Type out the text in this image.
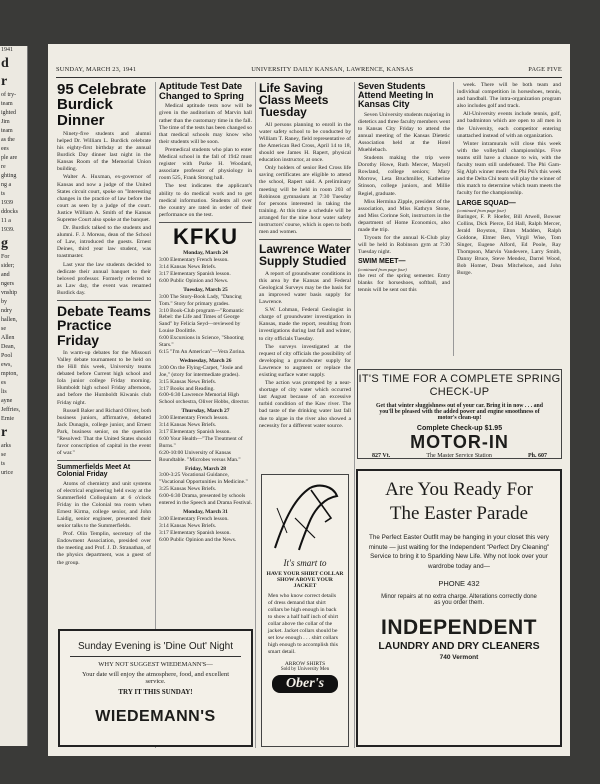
1941
d
r
of try-
team
ighted
Jim
team
as the
ees
ple are
re
ghting
ng a
ts
1939
ddocks
11 a
1939.
g
For
sider;
and
ngers
vnship
by
ndry
hallen,
se
Allen
Dean,
Pool
ews,
mpton,
es
lis
ayne
Jeffries,
Ernie
r
arks
se
ts
urice
SUNDAY, MARCH 23, 1941	UNIVERSITY DAILY KANSAN, LAWRENCE, KANSAS	PAGE FIVE
95 Celebrate Burdick Dinner

Ninety-five students and alumni helped Dr. William L. Burdick celebrate his eighty-first birthday at the annual Burdick Day dinner last night in the Kansas Room of the Memorial Union building.

Walter A. Huxman, ex-governor of Kansas and now a judge of the United States circuit court, spoke on "Interesting changes in the practice of law before the court as seen by a judge of the court. Justice William A. Smith of the Kansas Supreme Court also spoke at the banquet.

Dr. Burdick talked to the students and alumni. F. J. Moreau, dean of the School of Law, introduced the guests. Ernest Deines, third year law student, was toastmaster.

Last year the law students decided to dedicate their annual banquet to their beloved professor. Formerly referred to as Law day, the event was renamed Burdick day.

Debate Teams Practice Friday

In warm-up debates for the Missouri Valley debate tournament to be held on the Hill this week, University teams debated before Current high school and Iola junior college Friday morning. Humboldt high school Friday afternoon, and before the Humboldt Kiwanis club Friday night.

Russell Baker and Richard Oliver, both business juniors, affirmative, debated Jack Dunagin, college junior, and Ernest Park, business senior, on the question "Resolved: That the United States should favor conscription of capital in the event of war."

Summerfields Meet At Colonial Friday

Atoms of chemistry and unit systems of electrical engineering held sway at the Summerfield Colloquium at 6 o'clock Friday in the Colonial tea room when Ernest Kirma, college senior, and John Laidig, senior engineer, presented their senior talks to the Summerfields.

Prof. Olin Templin, secretary of the Endowment Association, presided over the meeting and Prof. J. D. Stranathan, of the physics department, was a guest of the group.

Aptitude Test Date Changed to Spring

Medical aptitude tests now will be given in the auditorium of Marvin hall rather than the customary time in the fall. The time of the tests has been changed so that medical schools may know who their students will be soon.

Premedical students who plan to enter Medical school in the fall of 1942 must register with Parke H. Woodard, associate professor of physiology in room 525, Frank Strong hall.

The test indicates the applicant's ability to do medical work and to get medical information. Students all over the country are rated in order of their performance on the test.

KFKU
Monday, March 24
3:00 Elementary French lesson.
3:14 Kansas News Briefs.
3:17 Elementary Spanish lesson.
6:00 Public Opinion and News.
Tuesday, March 25
3:00 The Story-Book Lady, "Dancing Tom." Story for primary grades.
3:10 Book-Club program—"Romantic Rebel: the Life and Times of George Sand" by Felicia Seyd—reviewed by Louise Doolittle.
6:00 Excursions in Science, "Shooting Stars."
6:15 "I'm An American"—Vera Zorina.
Wednesday, March 26
3:00 On the Flying-Carpet, "Josie and Joe," (story for intermediate grades).
3:15 Kansas News Briefs.
3:17 Books and Reading.
6:00-6:30 Lawrence Memorial High School orchestra, Oliver Hobbs, director.
Thursday, March 27
3:00 Elementary French lesson.
3:14 Kansas News Briefs.
3:17 Elementary Spanish lesson.
6:00 Your Health—"The Treatment of Burns."
6:20-10:00 University of Kansas Roundtable. "Microbes versus Man."
Friday, March 28
3:00-3:25 Vocational Guidance, "Vocational Opportunities in Medicine."
3:25 Kansas News Briefs.
6:00-6:30 Drama, presented by schools entered in the Speech and Drama Festival.
Monday, March 31
3:00 Elementary French lesson.
3:14 Kansas News Briefs.
3:17 Elementary Spanish lesson.
6:00 Public Opinion and the News.
Life Saving Class Meets Tuesday

All persons planning to enroll in the water safety school to be conducted by William T. Raney, field representative of the American Red Cross, April 14 to 18, should see James H. Rapert, physical education instructor, at once.

Only holders of senior Red Cross life saving certificates are eligible to attend the school, Rapert said. A preliminary meeting will be held in room 203 of Robinson gymnasium at 7:30 Tuesday for persons interested in taking the training. At this time a schedule will be arranged for the nine hour water safety instructors' course, which is open to both men and women.

Lawrence Water Supply Studied

A report of groundwater conditions in this area by the Kansas and Federal Geological Surveys may be the basis for an improved water basis supply for Lawrence.

S.W. Lohman, Federal Geologist in charge of groundwater investigation in Kansas, made the report, resulting from investigations during last fall and winter, to city officials Tuesday.

The surveys investigated at the request of city officials the possibility of developing a groundwater supply for Lawrence to augment or replace the existing surface water supply.

The action was prompted by a near-shortage of city water which occurred last August because of an excessive turbid condition of the Kaw river. The bad taste of the drinking water last fall due to algae in the river also showed a necessity for a different water source.

Seven Students Attend Meeting In Kansas City

Seven University students majoring in dietetics and three faculty members went to Kansas City Friday to attend the annual meeting of the Kansas Dietetic Association held at the Hotel Muehlebach.

Students making the trip were Dorothy Howe, Ruth Mercer, Maryell Rowland, college seniors; Mary Morrow, Leta Bruchmiller, Katherine Stinson, college juniors, and Millie Regiel, graduate.

Miss Hermina Zipple, president of the association, and Miss Kathryn Stone, and Miss Corinne Solt, instructors in the department of Home Economics, also made the trip.

Tryouts for the annual K-Club play will be held in Robinson gym at 7:30 Tuesday night.

SWIM MEET—
(continued from page four)
the rest of the spring semester. Entry blanks for horseshoes, softball, and tennis will be sent out this

week. There will be both team and individual competition in horseshoes, tennis, and handball. The intra-organization program also includes golf and track.

All-University events include tennis, golf, and badminton which are open to all men in the University, each competitor entering unattached instead of with an organization.

Winter intramurals will close this week with the volleyball championships. Five teams still have a chance to win, with the faculty team still undefeated. The Phi Gam-Sig Alph winner meets the Phi Psi's this week and the Delta Chi team will play the winner of this match to determine which team meets the faculty for the championship.

LARGE SQUAD—
(continued from page four)
Baringer, F. P. Hoefer, Bill Atwell, Bowser Collins, Dick Pierce, Ed Hall, Ralph Mercer, Jerald Boyston, Elton Madden, Ralph Goldone, Elmer Ben, Virgil Wise, Tom Singer, Eugene Alford, Ed Poole, Ray Thompson, Marvin Vandevere, Larry Smith, Danny Bruce, Steve Mendez, Darrel Wood, Bob Homer, Dean Mitchelson, and John Burge.
Sunday Evening is 'Dine Out' Night
WHY NOT SUGGEST WIEDEMANN'S—
Your date will enjoy the atmosphere, food, and excellent service.
TRY IT THIS SUNDAY!
WIEDEMANN'S
It's smart to
HAVE YOUR SHIRT COLLAR SHOW ABOVE YOUR JACKET
Men who know correct details of dress demand that shirt collars be high enough in back to show a half half inch of shirt collar above the collar of the jacket. Jacket collars should be set low enough . . . shirt collars high enough to accomplish this smart detail.
ARROW SHIRTS
Sold by University Men
Ober's
IT'S TIME FOR A COMPLETE SPRING CHECK-UP
Get that winter sluggishness out of your car. Bring it in now . . . and you'll be pleased with the added power and engine smoothness of motor's clean-up!
Complete Check-up $1.95
MOTOR-IN
827 Vt.	The Master Service Station	Ph. 607
Are You Ready For
The Easter Parade
The Perfect Easter Outfit may be hanging in your closet this very minute — just waiting for the Independent "Perfect Dry Cleaning" Service to bring it to Sparkling New Life. Why not look over your wardrobe today and—
PHONE 432
Minor repairs at no extra charge. Alterations correctly done as you order them.
INDEPENDENT
LAUNDRY AND DRY CLEANERS
740 Vermont
